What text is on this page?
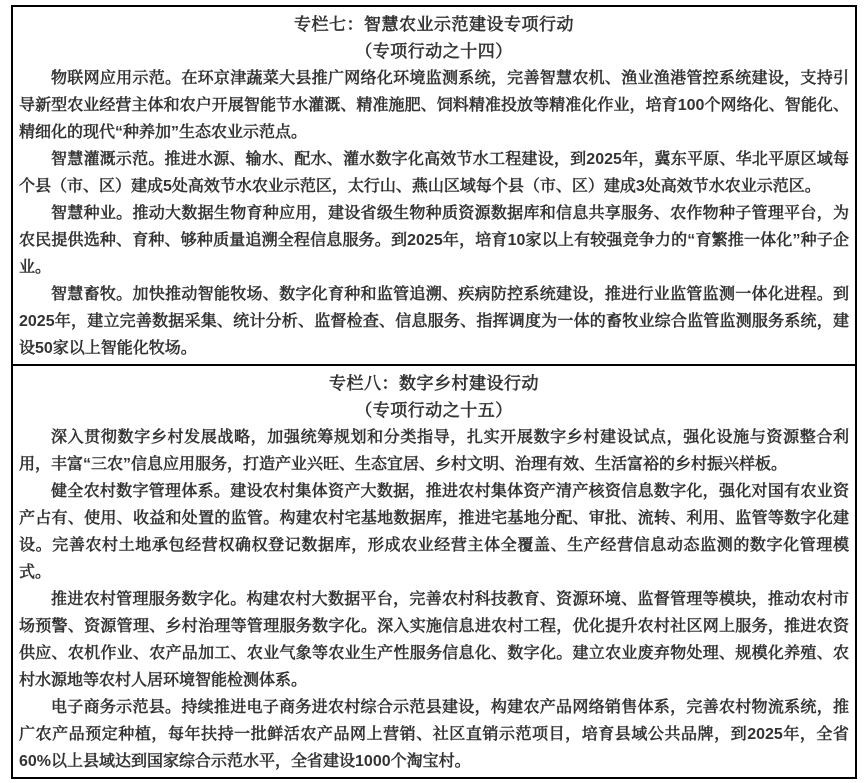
专栏七：智慧农业示范建设专项行动
（专项行动之十四）

物联网应用示范。在环京津蔬菜大县推广网络化环境监测系统，完善智慧农机、渔业渔港管控系统建设，支持引导新型农业经营主体和农户开展智能节水灌溉、精准施肥、饲料精准投放等精准化作业，培育100个网络化、智能化、精细化的现代“种养加”生态农业示范点。

智慧灌溉示范。推进水源、输水、配水、灌水数字化高效节水工程建设，到2025年，冀东平原、华北平原区域每个县（市、区）建成5处高效节水农业示范区，太行山、燕山区域每个县（市、区）建成3处高效节水农业示范区。

智慧种业。推动大数据生物育种应用，建设省级生物种质资源数据库和信息共享服务、农作物种子管理平台，为农民提供选种、育种、够种质量追溯全程信息服务。到2025年，培育10家以上有较强竞争力的“育繁推一体化”种子企业。

智慧畜牧。加快推动智能牧场、数字化育种和监管追溯、疾病防控系统建设，推进行业监管监测一体化进程。到2025年，建立完善数据采集、统计分析、监督检查、信息服务、指挥调度为一体的畜牧业综合监管监测服务系统，建设50家以上智能化牧场。

专栏八：数字乡村建设行动
（专项行动之十五）

深入贯彻数字乡村发展战略，加强统筹规划和分类指导，扎实开展数字乡村建设试点，强化设施与资源整合利用，丰富“三农”信息应用服务，打造产业兴旺、生态宜居、乡村文明、治理有效、生活富裕的乡村振兴样板。

健全农村数字管理体系。建设农村集体资产大数据，推进农村集体资产清产核资信息数字化，强化对国有农业资产占有、使用、收益和处置的监管。构建农村宅基地数据库，推进宅基地分配、审批、流转、利用、监管等数字化建设。完善农村土地承包经营权确权登记数据库，形成农业经营主体全覆盖、生产经营信息动态监测的数字化管理模式。

推进农村管理服务数字化。构建农村大数据平台，完善农村科技教育、资源环境、监督管理等模块，推动农村市场预警、资源管理、乡村治理等管理服务数字化。深入实施信息进农村工程，优化提升农村社区网上服务，推进农资供应、农机作业、农产品加工、农业气象等农业生产性服务信息化、数字化。建立农业废弃物处理、规模化养殖、农村水源地等农村人居环境智能检测体系。

电子商务示范县。持续推进电子商务进农村综合示范县建设，构建农产品网络销售体系，完善农村物流系统，推广农产品预定种植，每年扶持一批鲜活农产品网上营销、社区直销示范项目，培育县域公共品牌，到2025年，全省60%以上县域达到国家综合示范水平，全省建设1000个淘宝村。
